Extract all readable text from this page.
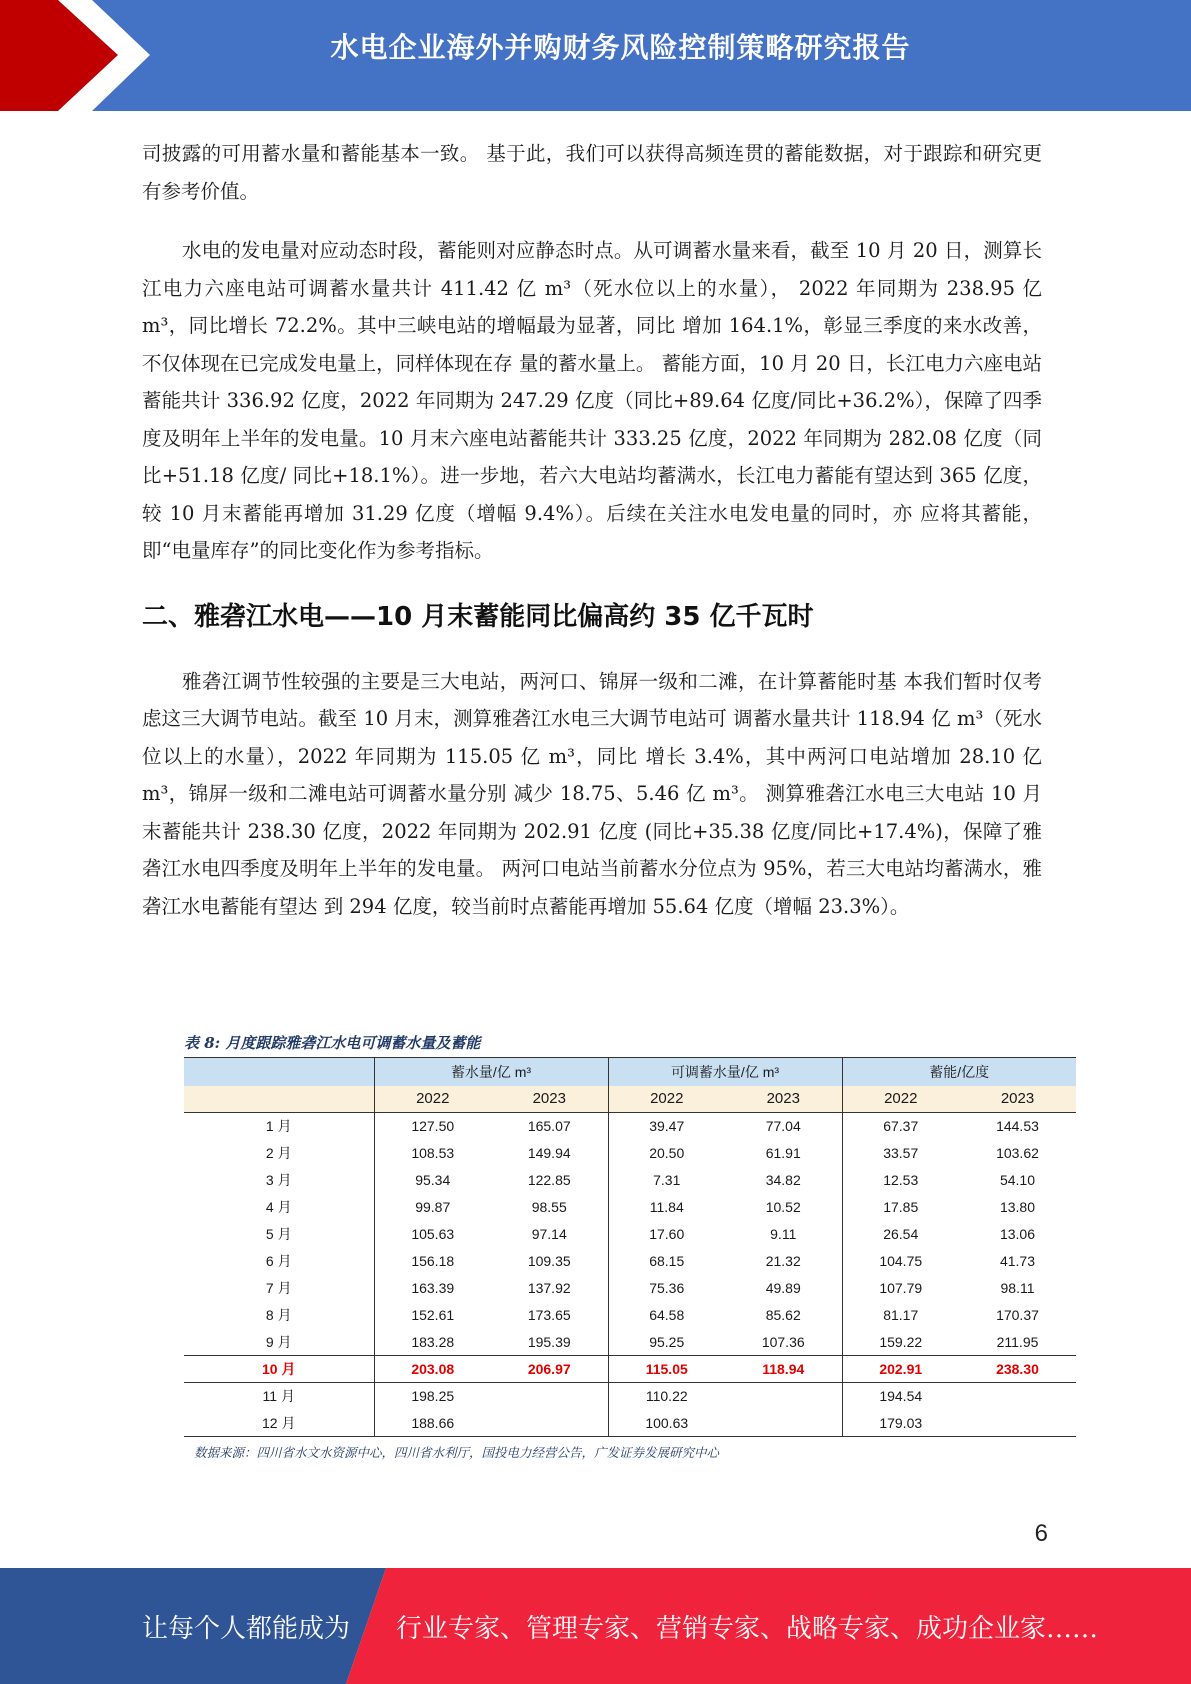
水电企业海外并购财务风险控制策略研究报告

司披露的可用蓄水量和蓄能基本一致。 基于此，我们可以获得高频连贯的蓄能数据，对于跟踪和研究更有参考价值。

水电的发电量对应动态时段，蓄能则对应静态时点。从可调蓄水量来看，截至 10 月 20 日，测算长江电力六座电站可调蓄水量共计 411.42 亿 m³（死水位以上的水量）， 2022 年同期为 238.95 亿 m³，同比增长 72.2%。其中三峡电站的增幅最为显著，同比 增加 164.1%，彰显三季度的来水改善，不仅体现在已完成发电量上，同样体现在存 量的蓄水量上。 蓄能方面，10 月 20 日，长江电力六座电站蓄能共计 336.92 亿度，2022 年同期为 247.29 亿度（同比+89.64 亿度/同比+36.2%），保障了四季度及明年上半年的发电量。10 月末六座电站蓄能共计 333.25 亿度，2022 年同期为 282.08 亿度（同比+51.18 亿度/ 同比+18.1%）。进一步地，若六大电站均蓄满水，长江电力蓄能有望达到 365 亿度， 较 10 月末蓄能再增加 31.29 亿度（增幅 9.4%）。后续在关注水电发电量的同时，亦 应将其蓄能，即“电量库存”的同比变化作为参考指标。

二、雅砻江水电——10 月末蓄能同比偏高约 35 亿千瓦时

雅砻江调节性较强的主要是三大电站，两河口、锦屏一级和二滩，在计算蓄能时基 本我们暂时仅考虑这三大调节电站。截至 10 月末，测算雅砻江水电三大调节电站可 调蓄水量共计 118.94 亿 m³（死水位以上的水量），2022 年同期为 115.05 亿 m³，同比 增长 3.4%，其中两河口电站增加 28.10 亿 m³，锦屏一级和二滩电站可调蓄水量分别 减少 18.75、5.46 亿 m³。 测算雅砻江水电三大电站 10 月末蓄能共计 238.30 亿度，2022 年同期为 202.91 亿度 (同比+35.38 亿度/同比+17.4%)，保障了雅砻江水电四季度及明年上半年的发电量。 两河口电站当前蓄水分位点为 95%，若三大电站均蓄满水，雅砻江水电蓄能有望达 到 294 亿度，较当前时点蓄能再增加 55.64 亿度（增幅 23.3%）。

表 8: 月度跟踪雅砻江水电可调蓄水量及蓄能
	蓄水量/亿 m³		可调蓄水量/亿 m³		蓄能/亿度	
	2022	2023	2022	2023	2022	2023
1 月	127.50	165.07	39.47	77.04	67.37	144.53
2 月	108.53	149.94	20.50	61.91	33.57	103.62
3 月	95.34	122.85	7.31	34.82	12.53	54.10
4 月	99.87	98.55	11.84	10.52	17.85	13.80
5 月	105.63	97.14	17.60	9.11	26.54	13.06
6 月	156.18	109.35	68.15	21.32	104.75	41.73
7 月	163.39	137.92	75.36	49.89	107.79	98.11
8 月	152.61	173.65	64.58	85.62	81.17	170.37
9 月	183.28	195.39	95.25	107.36	159.22	211.95
10 月	203.08	206.97	115.05	118.94	202.91	238.30
11 月	198.25		110.22		194.54	
12 月	188.66		100.63		179.03	
数据来源：四川省水文水资源中心，四川省水利厅，国投电力经营公告，广发证券发展研究中心
6
让每个人都能成为 行业专家、管理专家、营销专家、战略专家、成功企业家……
